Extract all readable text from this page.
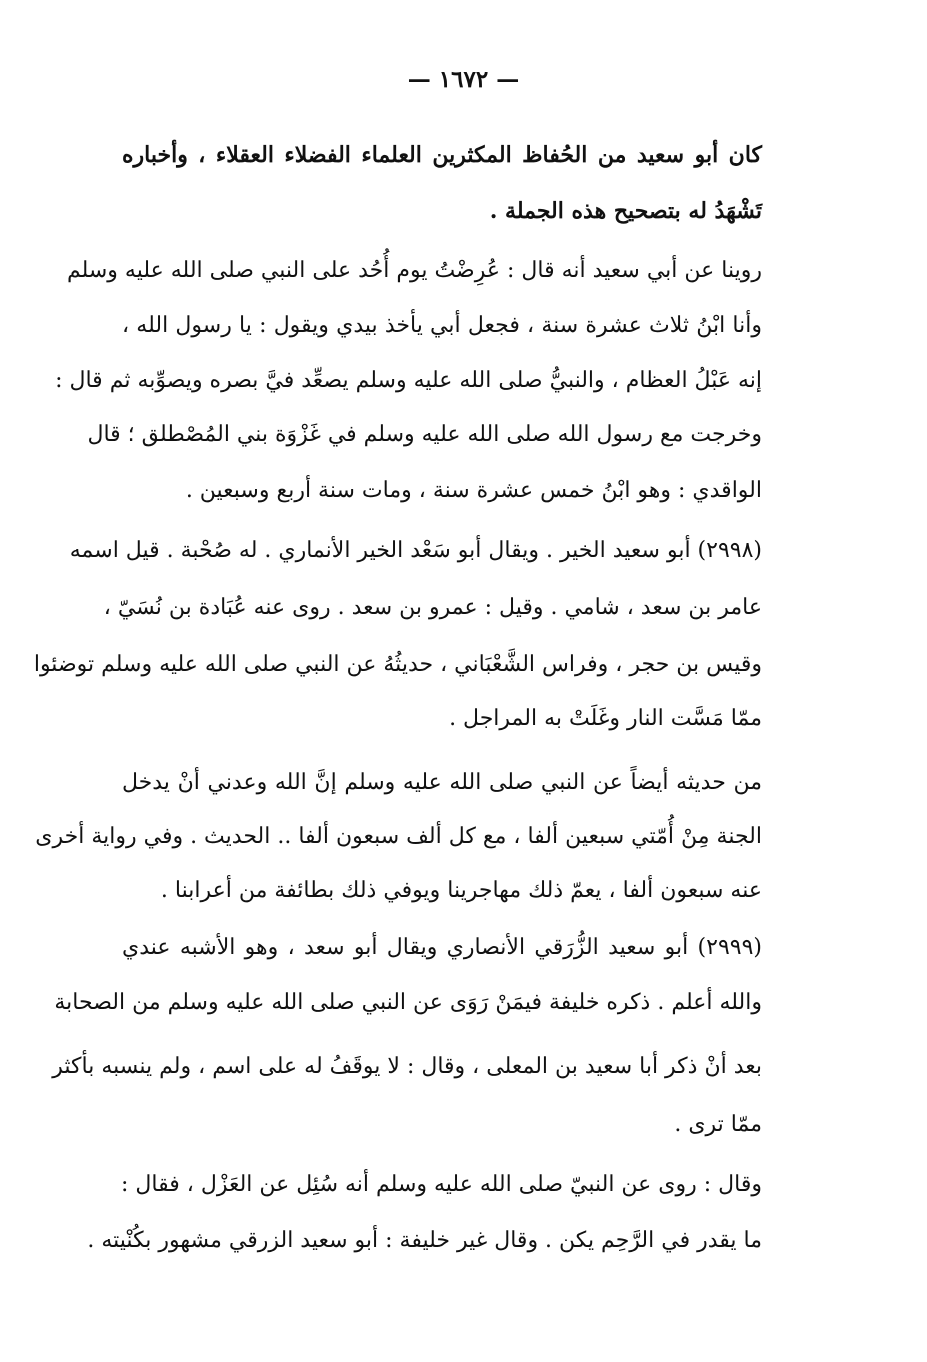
— ١٦٧٢ —
كان أبو سعيد من الحُفاظ المكثرين العلماء الفضلاء العقلاء ، وأخباره
تَشْهَدُ له بتصحيح هذه الجملة .
روينا عن أبي سعيد أنه قال : عُرِضْتُ يوم أُحُد على النبي صلى الله عليه وسلم
وأنا ابْنُ ثلاث عشرة سنة ، فجعل أبي يأخذ بيدي ويقول : يا رسول الله ،
إنه عَبْلُ العظام ، والنبيُّ صلى الله عليه وسلم يصعِّد فيَّ بصره ويصوِّبه ثم قال :
وخرجت مع رسول الله صلى الله عليه وسلم في غَزْوَة بني المُصْطلق ؛ قال
الواقدي : وهو ابْنُ خمس عشرة سنة ، ومات سنة أربع وسبعين .
(٢٩٩٨) أبو سعيد الخير . ويقال أبو سَعْد الخير الأنماري . له صُحْبة . قيل اسمه
عامر بن سعد ، شامي . وقيل : عمرو بن سعد . روى عنه عُبَادة بن نُسَيّ ،
وقيس بن حجر ، وفراس الشَّعْبَاني ، حديثُهُ عن النبي صلى الله عليه وسلم توضئوا
ممّا مَسَّت النار وغَلَتْ به المراجل .
من حديثه أيضاً عن النبي صلى الله عليه وسلم إنَّ الله وعدني أنْ يدخل
الجنة مِنْ أُمّتي سبعين ألفا ، مع كل ألف سبعون ألفا .. الحديث . وفي رواية أخرى
عنه سبعون ألفا ، يعمّ ذلك مهاجرينا ويوفي ذلك بطائفة من أعرابنا .
(٢٩٩٩) أبو سعيد الزُّرَقي الأنصاري ويقال أبو سعد ، وهو الأشبه عندي
والله أعلم . ذكره خليفة فيمَنْ رَوَى عن النبي صلى الله عليه وسلم من الصحابة
بعد أنْ ذكر أبا سعيد بن المعلى ، وقال : لا يوقَفُ له على اسم ، ولم ينسبه بأكثر
ممّا ترى .
وقال : روى عن النبيّ صلى الله عليه وسلم أنه سُئِل عن العَزْل ، فقال :
ما يقدر في الرَّحِم يكن . وقال غير خليفة : أبو سعيد الزرقي مشهور بكُنْيته .
